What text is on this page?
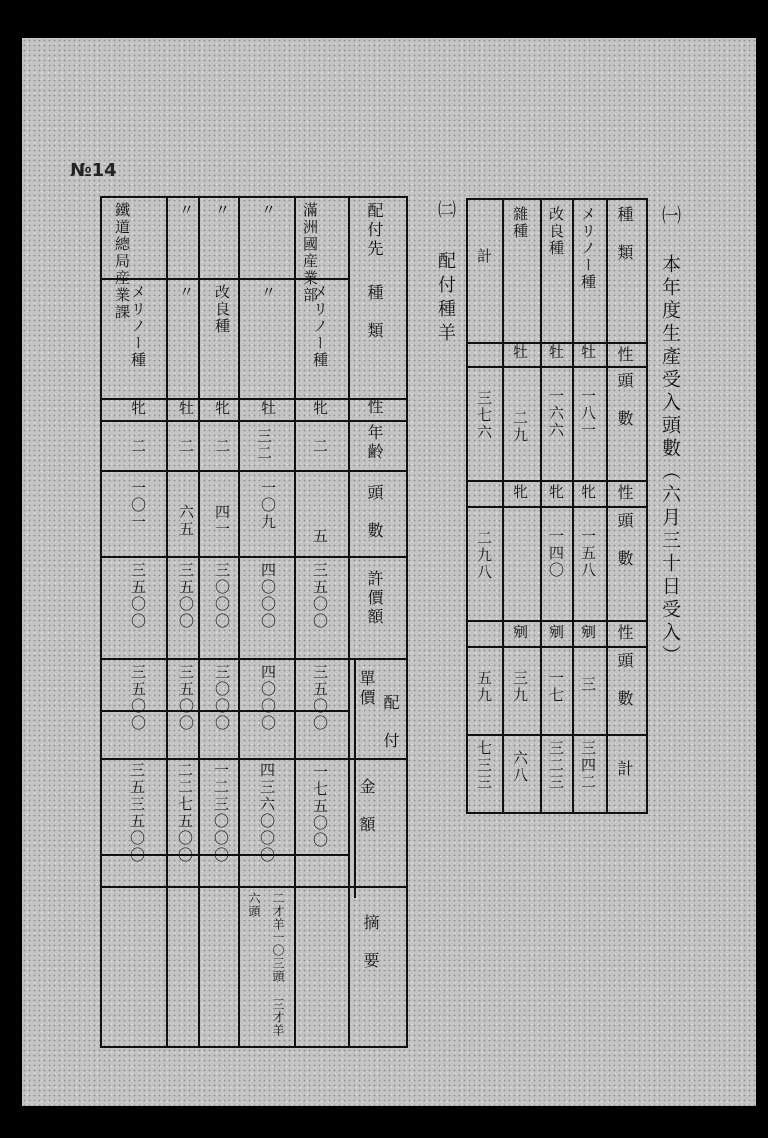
№14
㈠ 本年度生產受入頭數（六月三十日受入）
種　類
性
頭　數
性
頭　數
性
頭　數
計
メリノー種
牡
一八一
牝
一五八
剜
三
三四二
改良種
牡
一六六
牝
一四〇
剜
一七
三二三
雜種
牡
二九
牝
剜
三九
六八
計
三七六
二九八
五九
七三三
㈡ 配付種羊
配付先
種　類
性
年齢
頭　數
許價額
配　付
單價
金　額
摘　要
滿洲國産業部
メリノー種
牝
二
五
三五〇〇
三五〇〇
一七五〇〇
〃
〃
牡
三二
一〇九
四〇〇〇
四〇〇〇
四三六〇〇〇
二才羊一〇三頭 三才羊六頭
〃
改良種
牝
二
四一
三〇〇〇
三〇〇〇
一二三〇〇〇
〃
〃
牡
二
六五
三五〇〇
三五〇〇
二二七五〇〇
鐵道總局産業課
メリノー種
牝
二
一〇一
三五〇〇
三五〇〇
三五三五〇〇
